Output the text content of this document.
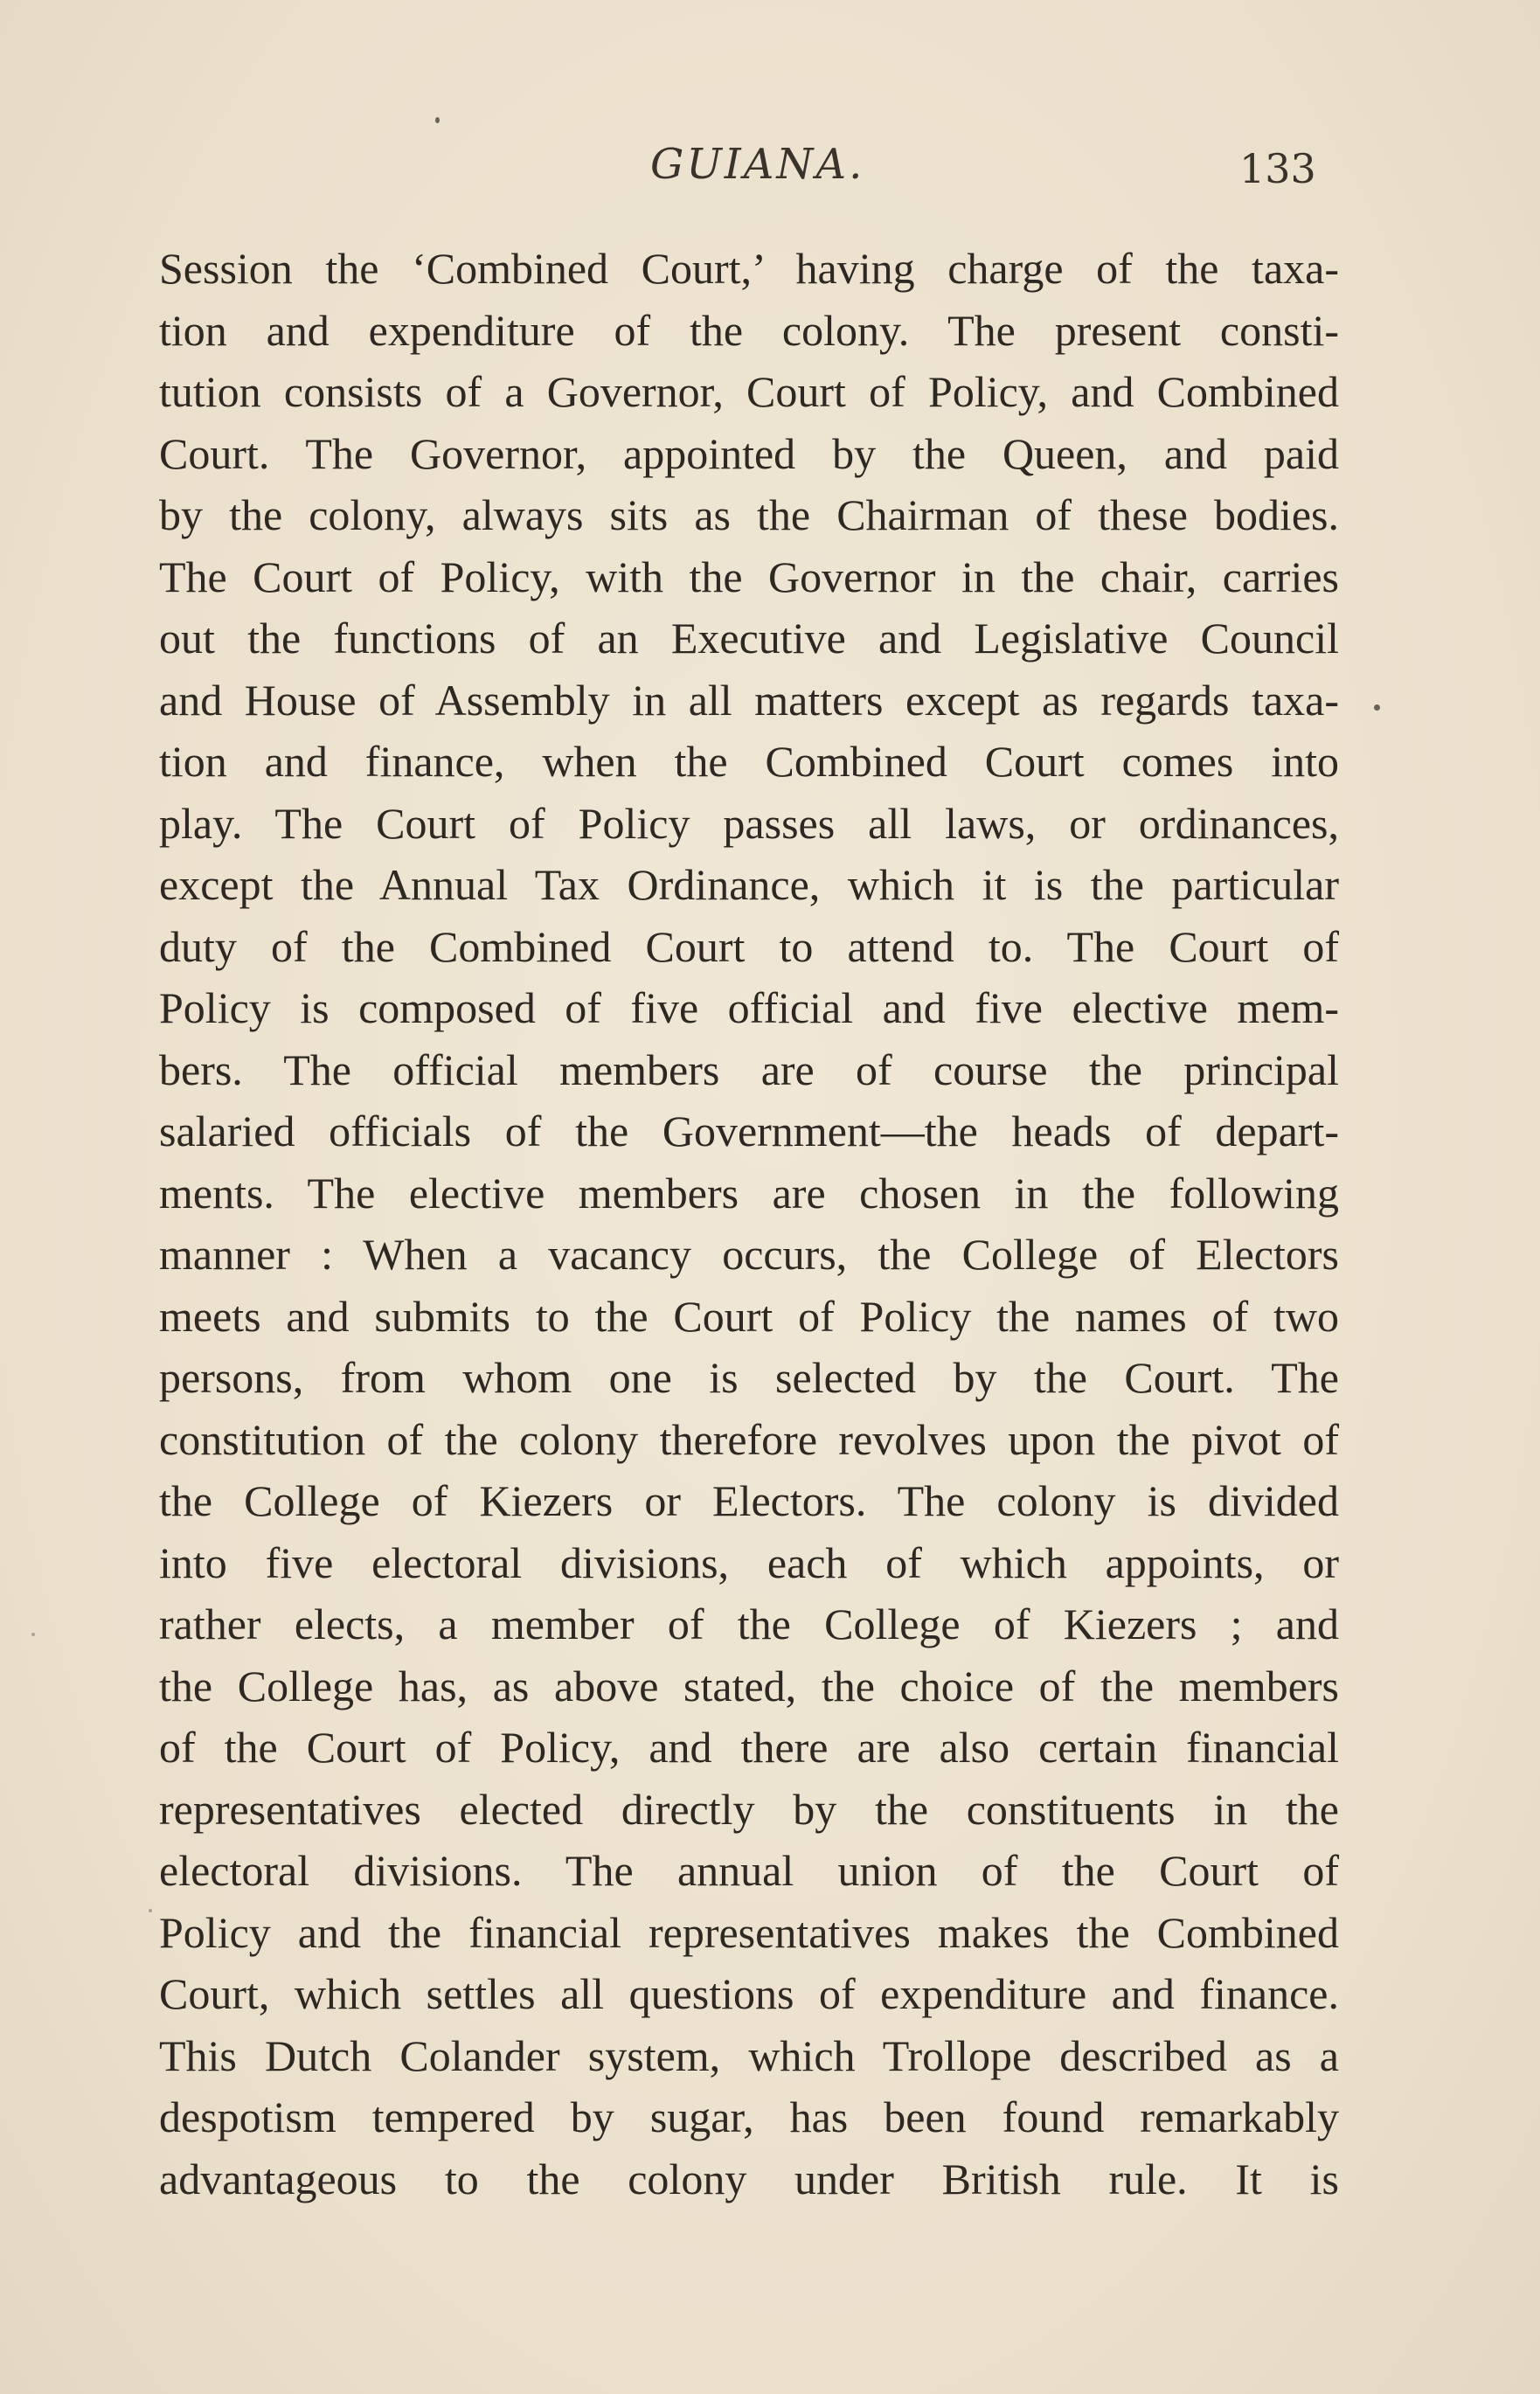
GUIANA.	133
Session the ‘Combined Court,’ having charge of the taxa-
tion and expenditure of the colony. The present consti-
tution consists of a Governor, Court of Policy, and Combined
Court. The Governor, appointed by the Queen, and paid
by the colony, always sits as the Chairman of these bodies.
The Court of Policy, with the Governor in the chair, carries
out the functions of an Executive and Legislative Council
and House of Assembly in all matters except as regards taxa-
tion and finance, when the Combined Court comes into
play. The Court of Policy passes all laws, or ordinances,
except the Annual Tax Ordinance, which it is the particular
duty of the Combined Court to attend to. The Court of
Policy is composed of five official and five elective mem-
bers. The official members are of course the principal
salaried officials of the Government—the heads of depart-
ments. The elective members are chosen in the following
manner : When a vacancy occurs, the College of Electors
meets and submits to the Court of Policy the names of two
persons, from whom one is selected by the Court. The
constitution of the colony therefore revolves upon the pivot of
the College of Kiezers or Electors. The colony is divided
into five electoral divisions, each of which appoints, or
rather elects, a member of the College of Kiezers ; and
the College has, as above stated, the choice of the members
of the Court of Policy, and there are also certain financial
representatives elected directly by the constituents in the
electoral divisions. The annual union of the Court of
Policy and the financial representatives makes the Combined
Court, which settles all questions of expenditure and finance.
This Dutch Colander system, which Trollope described as a
despotism tempered by sugar, has been found remarkably
advantageous to the colony under British rule. It is
